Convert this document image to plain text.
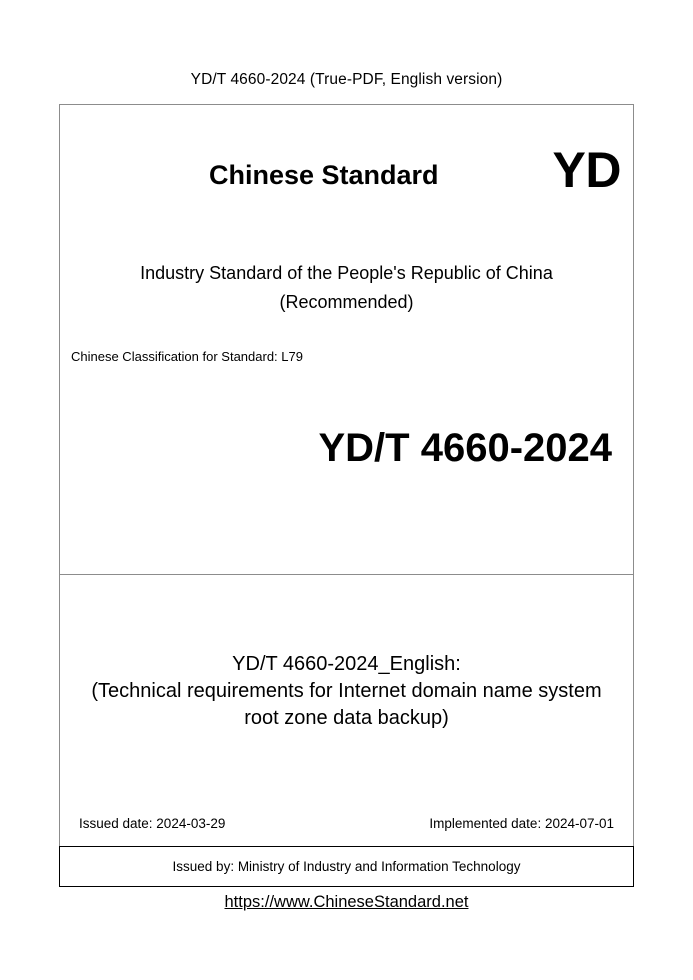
YD/T 4660-2024 (True-PDF, English version)
Chinese Standard YD
Industry Standard of the People's Republic of China
(Recommended)
Chinese Classification for Standard: L79
YD/T 4660-2024
YD/T 4660-2024_English:
(Technical requirements for Internet domain name system
root zone data backup)
Issued date: 2024-03-29	Implemented date: 2024-07-01
Issued by: Ministry of Industry and Information Technology
https://www.ChineseStandard.net
